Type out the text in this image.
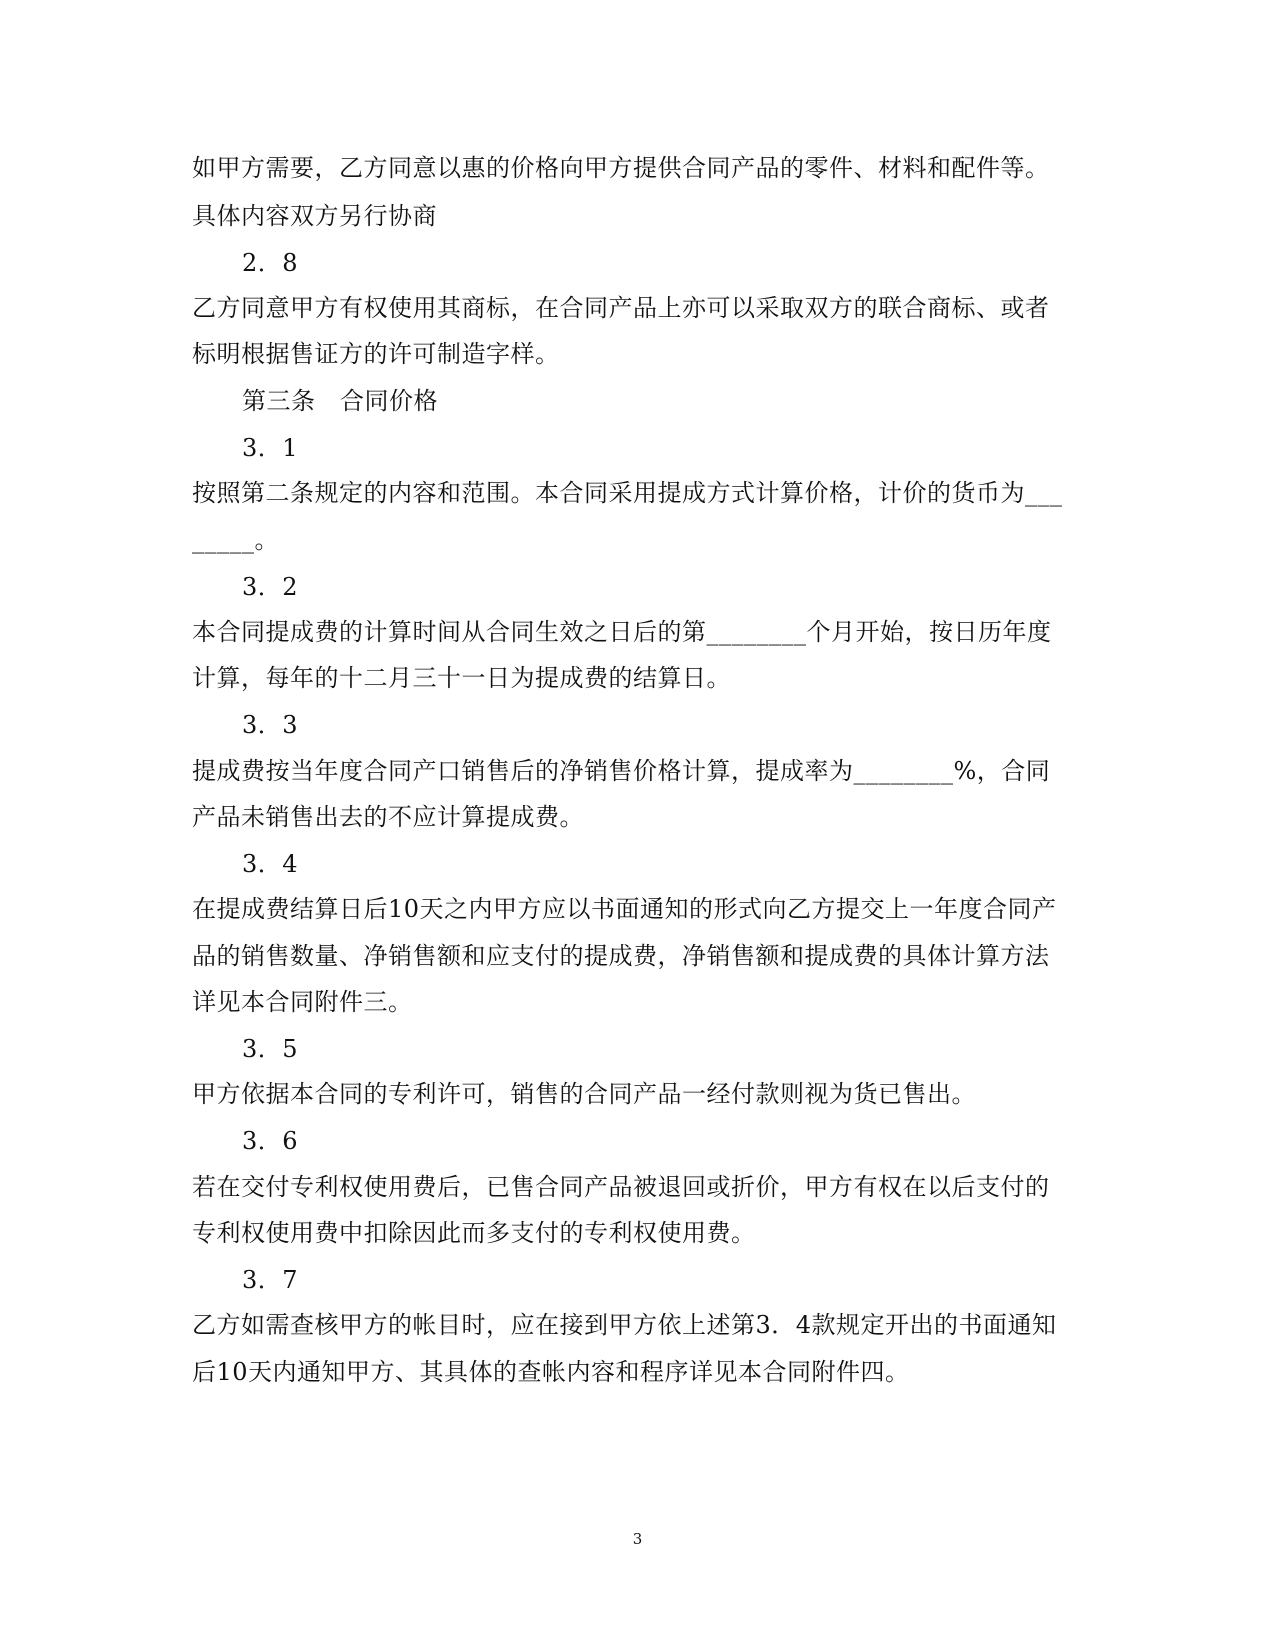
如甲方需要，乙方同意以惠的价格向甲方提供合同产品的零件、材料和配件等。
具体内容双方另行协商
2．8
乙方同意甲方有权使用其商标，在合同产品上亦可以采取双方的联合商标、或者
标明根据售证方的许可制造字样。
第三条　合同价格
3．1
按照第二条规定的内容和范围。本合同采用提成方式计算价格，计价的货币为___
_____。
3．2
本合同提成费的计算时间从合同生效之日后的第________个月开始，按日历年度
计算，每年的十二月三十一日为提成费的结算日。
3．3
提成费按当年度合同产口销售后的净销售价格计算，提成率为________%，合同
产品未销售出去的不应计算提成费。
3．4
在提成费结算日后10天之内甲方应以书面通知的形式向乙方提交上一年度合同产
品的销售数量、净销售额和应支付的提成费，净销售额和提成费的具体计算方法
详见本合同附件三。
3．5
甲方依据本合同的专利许可，销售的合同产品一经付款则视为货已售出。
3．6
若在交付专利权使用费后，已售合同产品被退回或折价，甲方有权在以后支付的
专利权使用费中扣除因此而多支付的专利权使用费。
3．7
乙方如需查核甲方的帐目时，应在接到甲方依上述第3．4款规定开出的书面通知
后10天内通知甲方、其具体的查帐内容和程序详见本合同附件四。
3
